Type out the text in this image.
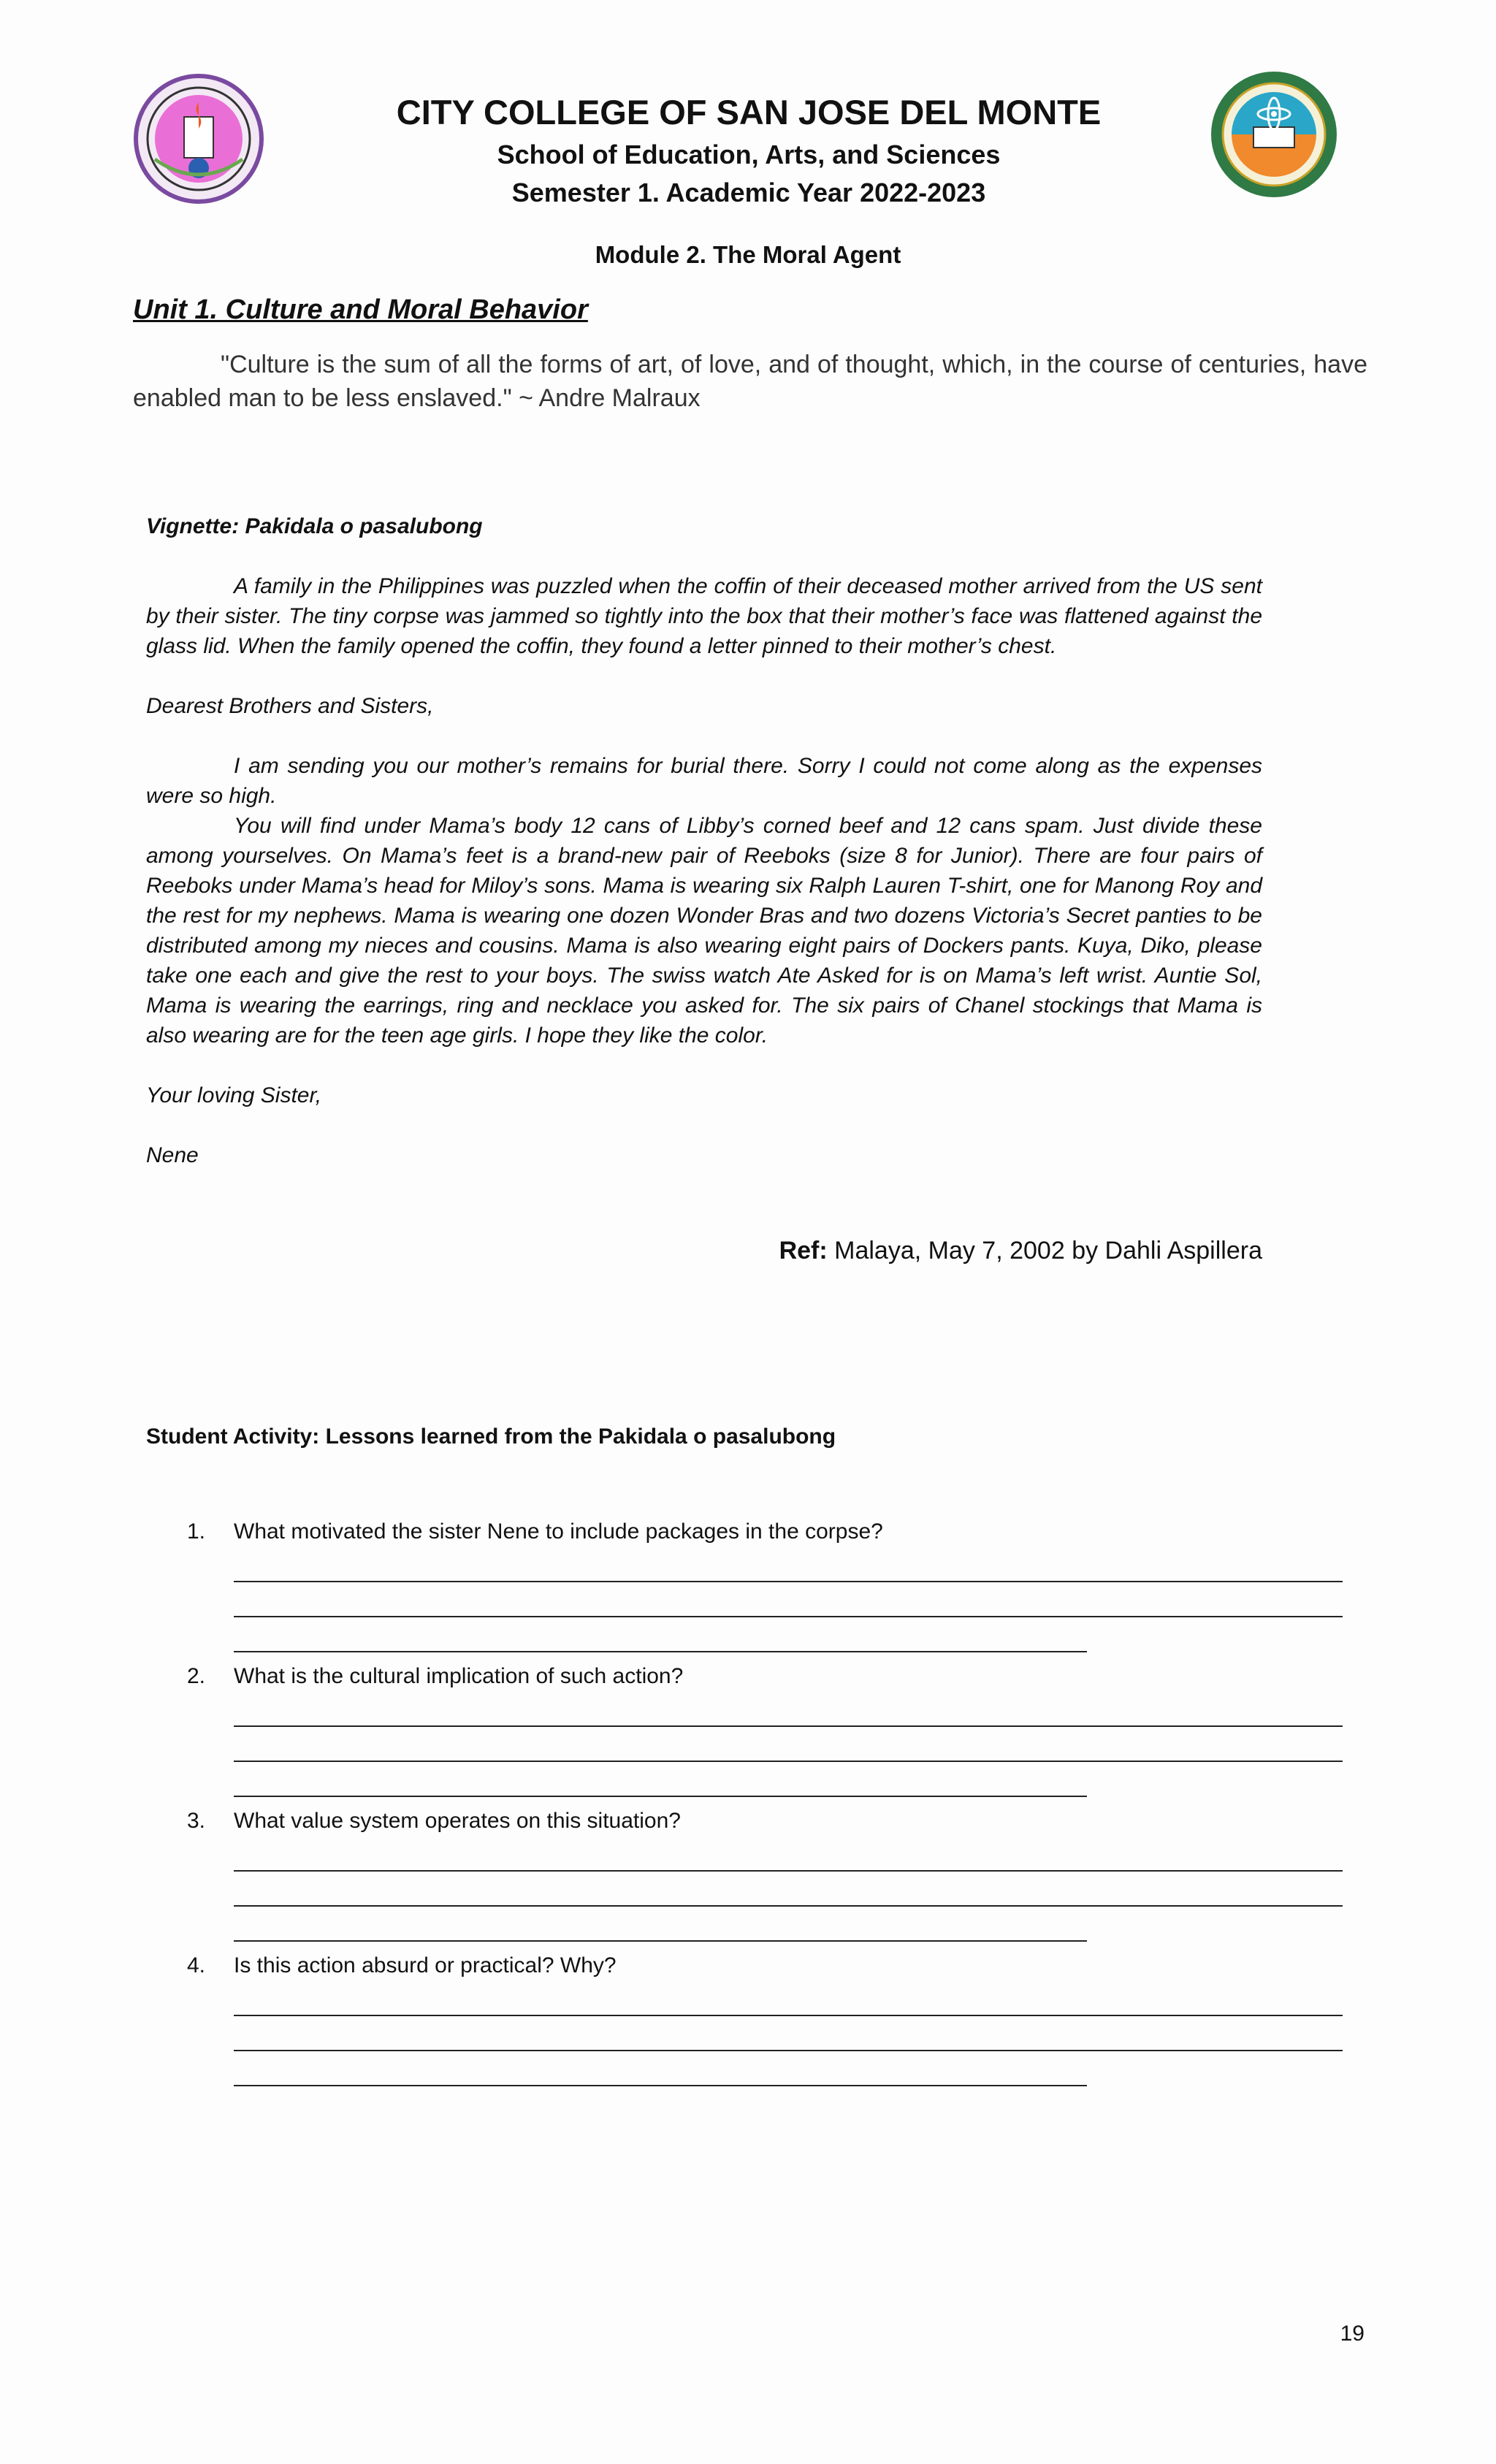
CITY COLLEGE OF SAN JOSE DEL MONTE
School of Education, Arts, and Sciences
Semester 1. Academic Year 2022-2023
Module 2. The Moral Agent
Unit 1. Culture and Moral Behavior
"Culture is the sum of all the forms of art, of love, and of thought, which, in the course of centuries, have enabled man to be less enslaved." ~ Andre Malraux

Vignette: Pakidala o pasalubong

A family in the Philippines was puzzled when the coffin of their deceased mother arrived from the US sent by their sister. The tiny corpse was jammed so tightly into the box that their mother’s face was flattened against the glass lid. When the family opened the coffin, they found a letter pinned to their mother’s chest.

Dearest Brothers and Sisters,

I am sending you our mother’s remains for burial there. Sorry I could not come along as the expenses were so high.

You will find under Mama’s body 12 cans of Libby’s corned beef and 12 cans spam. Just divide these among yourselves. On Mama’s feet is a brand-new pair of Reeboks (size 8 for Junior). There are four pairs of Reeboks under Mama’s head for Miloy’s sons. Mama is wearing six Ralph Lauren T-shirt, one for Manong Roy and the rest for my nephews. Mama is wearing one dozen Wonder Bras and two dozens Victoria’s Secret panties to be distributed among my nieces and cousins. Mama is also wearing eight pairs of Dockers pants. Kuya, Diko, please take one each and give the rest to your boys. The swiss watch Ate Asked for is on Mama’s left wrist. Auntie Sol, Mama is wearing the earrings, ring and necklace you asked for. The six pairs of Chanel stockings that Mama is also wearing are for the teen age girls. I hope they like the color.

Your loving Sister,

Nene

Ref: Malaya, May 7, 2002 by Dahli Aspillera
Student Activity: Lessons learned from the Pakidala o pasalubong
1.	What motivated the sister Nene to include packages in the corpse?
2.	What is the cultural implication of such action?
3.	What value system operates on this situation?
4.	Is this action absurd or practical? Why?
19
